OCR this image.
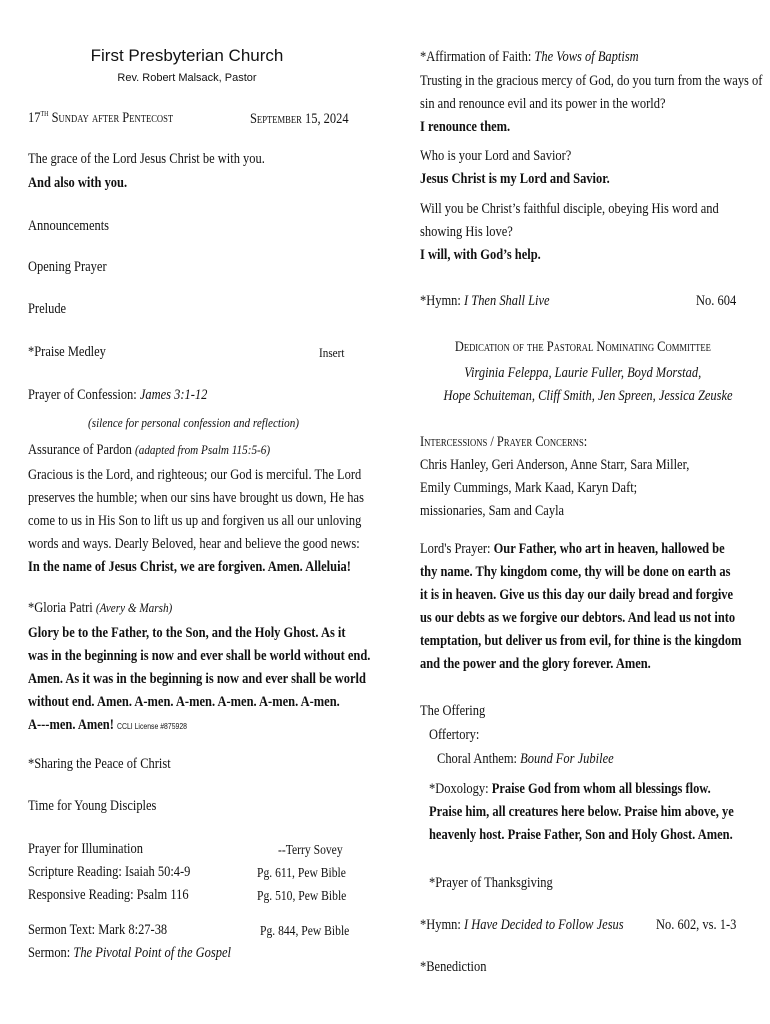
First Presbyterian Church
Rev. Robert Malsack, Pastor
17TH Sunday after Pentecost	September 15, 2024
The grace of the Lord Jesus Christ be with you.
And also with you.
Announcements
Opening Prayer
Prelude
*Praise Medley	Insert
Prayer of Confession: James 3:1-12
(silence for personal confession and reflection)
Assurance of Pardon (adapted from Psalm 115:5-6)
Gracious is the Lord, and righteous; our God is merciful. The Lord
preserves the humble; when our sins have brought us down, He has
come to us in His Son to lift us up and forgiven us all our unloving
words and ways. Dearly Beloved, hear and believe the good news:
In the name of Jesus Christ, we are forgiven. Amen. Alleluia!
*Gloria Patri (Avery & Marsh)
Glory be to the Father, to the Son, and the Holy Ghost. As it
was in the beginning is now and ever shall be world without end.
Amen. As it was in the beginning is now and ever shall be world
without end. Amen. A-men. A-men. A-men. A-men. A-men.
A---men. Amen! CCLI License #875928
*Sharing the Peace of Christ
Time for Young Disciples
Prayer for Illumination	--Terry Sovey
Scripture Reading: Isaiah 50:4-9	Pg. 611, Pew Bible
Responsive Reading: Psalm 116	Pg. 510, Pew Bible
Sermon Text: Mark 8:27-38	Pg. 844, Pew Bible
Sermon: The Pivotal Point of the Gospel
*Affirmation of Faith: The Vows of Baptism
Trusting in the gracious mercy of God, do you turn from the ways of
sin and renounce evil and its power in the world?
I renounce them.
Who is your Lord and Savior?
Jesus Christ is my Lord and Savior.
Will you be Christ’s faithful disciple, obeying His word and
showing His love?
I will, with God’s help.
*Hymn: I Then Shall Live	No. 604
Dedication of the Pastoral Nominating Committee
Virginia Feleppa, Laurie Fuller, Boyd Morstad,
Hope Schuiteman, Cliff Smith, Jen Spreen, Jessica Zeuske
Intercessions / Prayer Concerns:
Chris Hanley, Geri Anderson, Anne Starr, Sara Miller,
Emily Cummings, Mark Kaad, Karyn Daft;
missionaries, Sam and Cayla
Lord's Prayer: Our Father, who art in heaven, hallowed be
thy name. Thy kingdom come, thy will be done on earth as
it is in heaven. Give us this day our daily bread and forgive
us our debts as we forgive our debtors. And lead us not into
temptation, but deliver us from evil, for thine is the kingdom
and the power and the glory forever. Amen.
The Offering
Offertory:
Choral Anthem: Bound For Jubilee
*Doxology: Praise God from whom all blessings flow.
Praise him, all creatures here below. Praise him above, ye
heavenly host. Praise Father, Son and Holy Ghost. Amen.
*Prayer of Thanksgiving
*Hymn: I Have Decided to Follow Jesus No. 602, vs. 1-3
*Benediction
